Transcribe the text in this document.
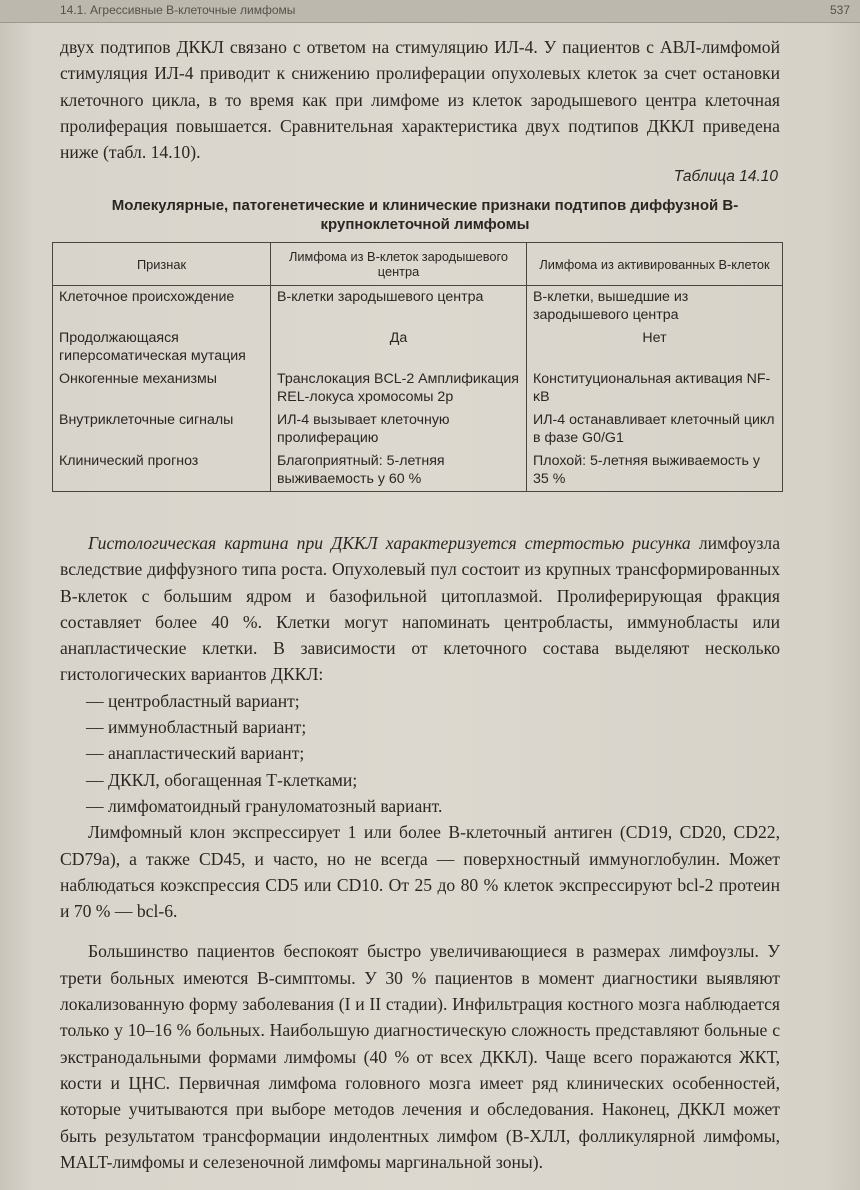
14.1. Агрессивные В-клеточные лимфомы	537

двух подтипов ДККЛ связано с ответом на стимуляцию ИЛ-4. У пациентов с АВЛ-лимфомой стимуляция ИЛ-4 приводит к снижению пролиферации опухолевых клеток за счет остановки клеточного цикла, в то время как при лимфоме из клеток зародышевого центра клеточная пролиферация повышается. Сравнительная характеристика двух подтипов ДККЛ приведена ниже (табл. 14.10).

Таблица 14.10
Молекулярные, патогенетические и клинические признаки подтипов диффузной В-крупноклеточной лимфомы
Признак	Лимфома из В-клеток зародышевого центра	Лимфома из активированных В-клеток
Клеточное происхождение	В-клетки зародышевого центра	В-клетки, вышедшие из зародышевого центра
Продолжающаяся гиперсоматическая мутация	Да	Нет
Онкогенные механизмы	Транслокация BCL-2 Амплификация REL-локуса хромосомы 2p	Конституциональная активация NF-κB
Внутриклеточные сигналы	ИЛ-4 вызывает клеточную пролиферацию	ИЛ-4 останавливает клеточный цикл в фазе G0/G1
Клинический прогноз	Благоприятный: 5-летняя выживаемость у 60 %	Плохой: 5-летняя выживаемость у 35 %

Гистологическая картина при ДККЛ характеризуется стертостью рисунка лимфоузла вследствие диффузного типа роста. Опухолевый пул состоит из крупных трансформированных В-клеток с большим ядром и базофильной цитоплазмой. Пролиферирующая фракция составляет более 40 %. Клетки могут напоминать центробласты, иммунобласты или анапластические клетки. В зависимости от клеточного состава выделяют несколько гистологических вариантов ДККЛ:

— центробластный вариант;
— иммунобластный вариант;
— анапластический вариант;
— ДККЛ, обогащенная Т-клетками;
— лимфоматоидный грануломатозный вариант.

Лимфомный клон экспрессирует 1 или более В-клеточный антиген (CD19, CD20, CD22, CD79a), а также CD45, и часто, но не всегда — поверхностный иммуноглобулин. Может наблюдаться коэкспрессия CD5 или CD10. От 25 до 80 % клеток экспрессируют bcl-2 протеин и 70 % — bcl-6.

Большинство пациентов беспокоят быстро увеличивающиеся в размерах лимфоузлы. У трети больных имеются В-симптомы. У 30 % пациентов в момент диагностики выявляют локализованную форму заболевания (I и II стадии). Инфильтрация костного мозга наблюдается только у 10–16 % больных. Наибольшую диагностическую сложность представляют больные с экстранодальными формами лимфомы (40 % от всех ДККЛ). Чаще всего поражаются ЖКТ, кости и ЦНС. Первичная лимфома головного мозга имеет ряд клинических особенностей, которые учитываются при выборе методов лечения и обследования. Наконец, ДККЛ может быть результатом трансформации индолентных лимфом (В-ХЛЛ, фолликулярной лимфомы, MALT-лимфомы и селезеночной лимфомы маргинальной зоны).
